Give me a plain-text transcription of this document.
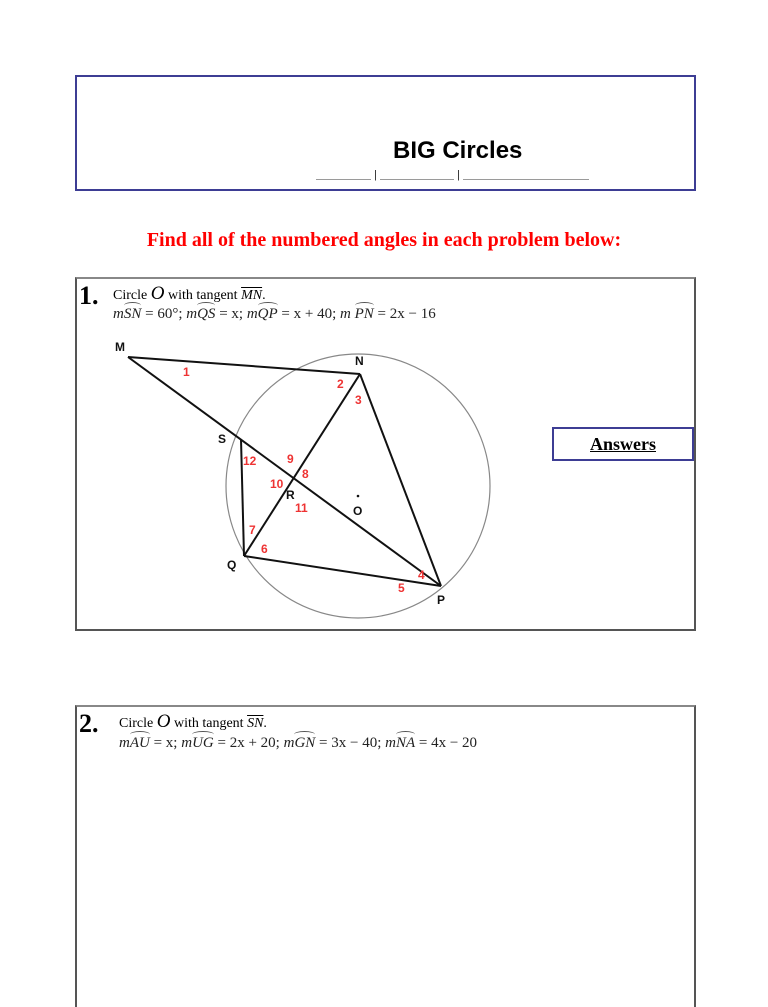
BIG Circles
|	|
Find all of the numbered angles in each problem below:
1. Circle O with tangent $\overline{MN}$.
mSN = 60°; mQS = x; mQP = x + 40; m PN = 2x − 16
M
N
S
R
Q
P
O
1
2
3
4
5
6
7
8
9
10
11
12
Answers
2. Circle O with tangent $\overline{SN}$.
mAU = x; mUG = 2x + 20; mGN = 3x − 40; mNA = 4x − 20
